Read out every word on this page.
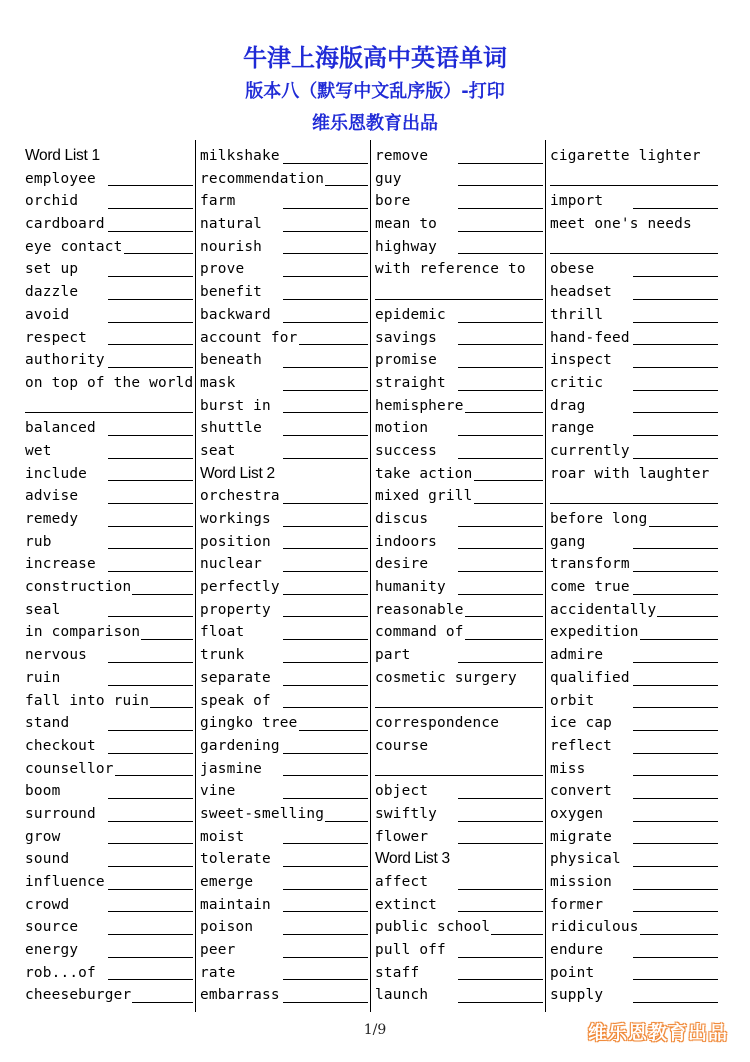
牛津上海版高中英语单词
版本八（默写中文乱序版）-打印
维乐恩教育出品
Word List 1
employee
orchid
cardboard
eye contact
set up
dazzle
avoid
respect
authority
on top of the world
balanced
wet
include
advise
remedy
rub
increase
construction
seal
in comparison
nervous
ruin
fall into ruin
stand
checkout
counsellor
boom
surround
grow
sound
influence
crowd
source
energy
rob...of
cheeseburger
milkshake
recommendation
farm
natural
nourish
prove
benefit
backward
account for
beneath
mask
burst in
shuttle
seat
Word List 2
orchestra
workings
position
nuclear
perfectly
property
float
trunk
separate
speak of
gingko tree
gardening
jasmine
vine
sweet-smelling
moist
tolerate
emerge
maintain
poison
peer
rate
embarrass
remove
guy
bore
mean to
highway
with reference to
epidemic
savings
promise
straight
hemisphere
motion
success
take action
mixed grill
discus
indoors
desire
humanity
reasonable
command of
part
cosmetic surgery
correspondence
course
object
swiftly
flower
Word List 3
affect
extinct
public school
pull off
staff
launch
cigarette lighter
import
meet one's needs
obese
headset
thrill
hand-feed
inspect
critic
drag
range
currently
roar with laughter
before long
gang
transform
come true
accidentally
expedition
admire
qualified
orbit
ice cap
reflect
miss
convert
oxygen
migrate
physical
mission
former
ridiculous
endure
point
supply
1/9	维乐恩教育出品
